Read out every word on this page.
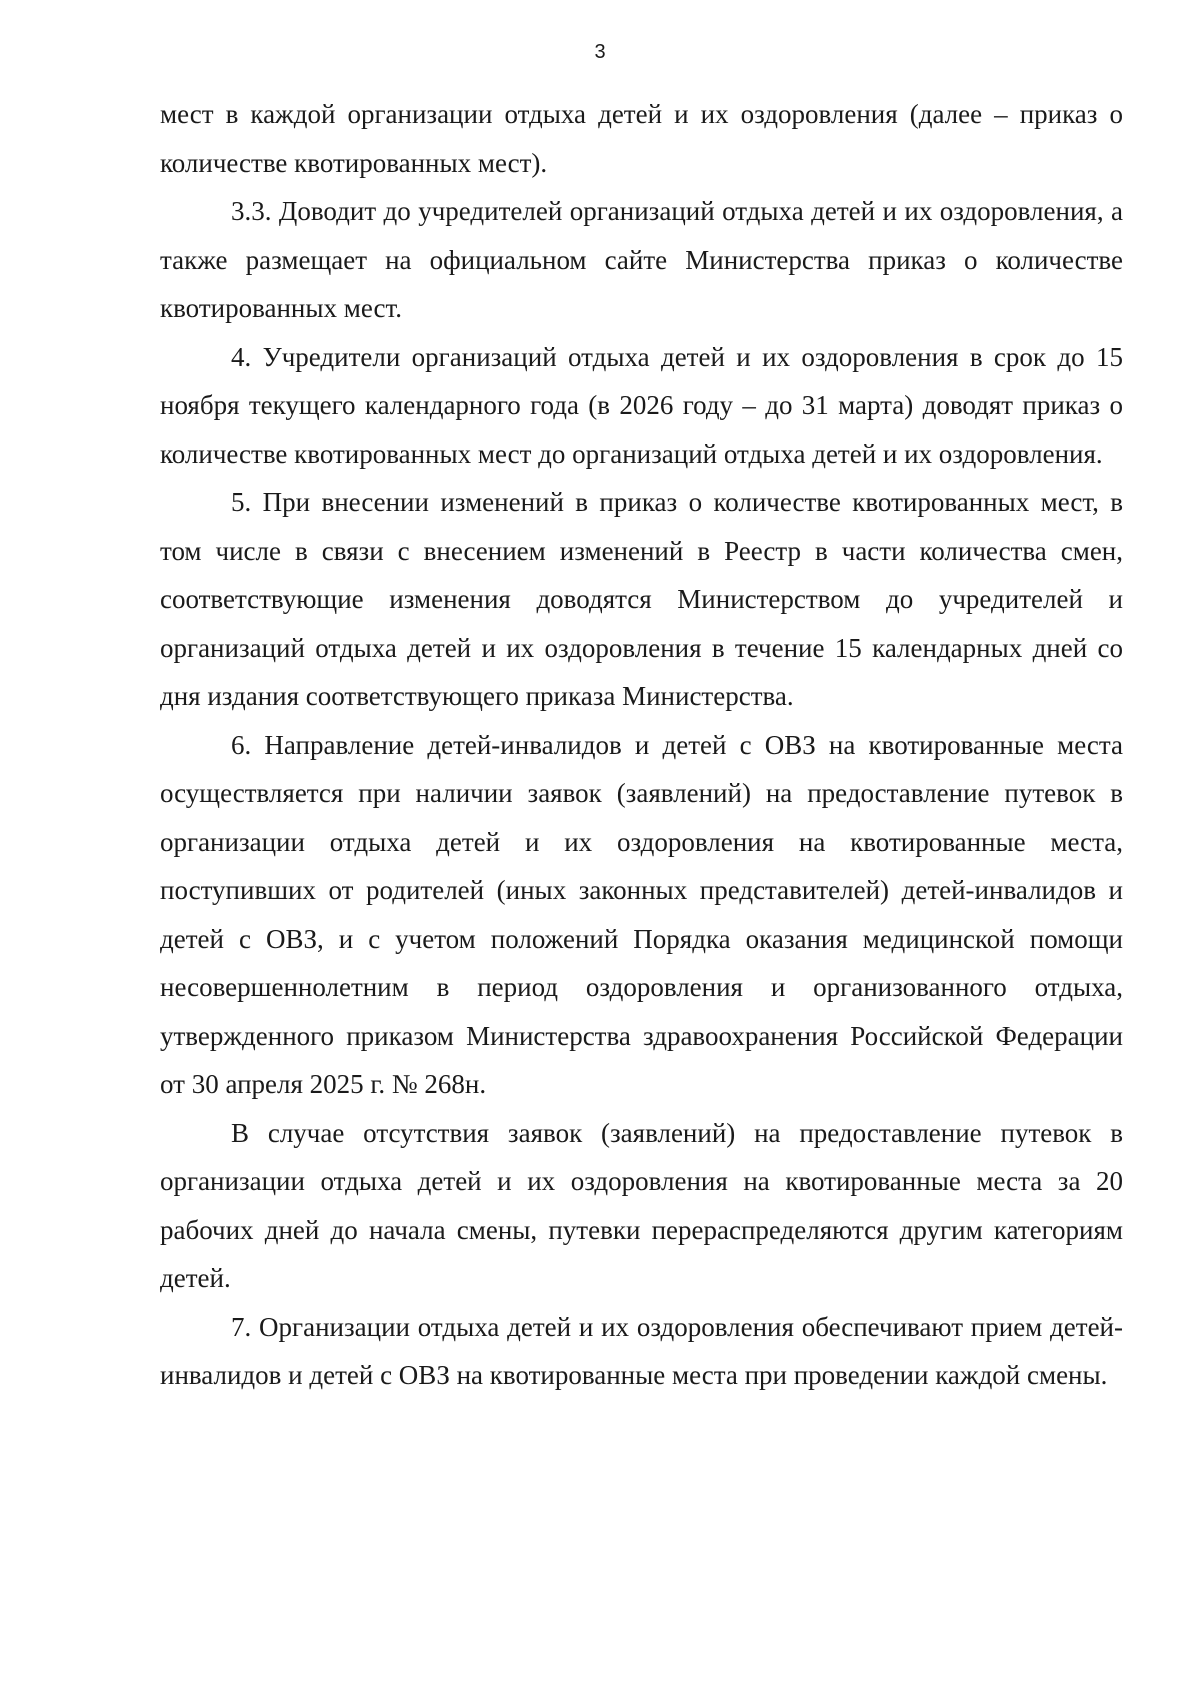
3

мест в каждой организации отдыха детей и их оздоровления (далее – приказ о количестве квотированных мест).

3.3. Доводит до учредителей организаций отдыха детей и их оздоровления, а также размещает на официальном сайте Министерства приказ о количестве квотированных мест.

4. Учредители организаций отдыха детей и их оздоровления в срок до 15 ноября текущего календарного года (в 2026 году – до 31 марта) доводят приказ о количестве квотированных мест до организаций отдыха детей и их оздоровления.

5. При внесении изменений в приказ о количестве квотированных мест, в том числе в связи с внесением изменений в Реестр в части количества смен, соответствующие изменения доводятся Министерством до учредителей и организаций отдыха детей и их оздоровления в течение 15 календарных дней со дня издания соответствующего приказа Министерства.

6. Направление детей-инвалидов и детей с ОВЗ на квотированные места осуществляется при наличии заявок (заявлений) на предоставление путевок в организации отдыха детей и их оздоровления на квотированные места, поступивших от родителей (иных законных представителей) детей-инвалидов и детей с ОВЗ, и с учетом положений Порядка оказания медицинской помощи несовершеннолетним в период оздоровления и организованного отдыха, утвержденного приказом Министерства здравоохранения Российской Федерации от 30 апреля 2025 г. № 268н.

В случае отсутствия заявок (заявлений) на предоставление путевок в организации отдыха детей и их оздоровления на квотированные места за 20 рабочих дней до начала смены, путевки перераспределяются другим категориям детей.

7. Организации отдыха детей и их оздоровления обеспечивают прием детей-инвалидов и детей с ОВЗ на квотированные места при проведении каждой смены.
